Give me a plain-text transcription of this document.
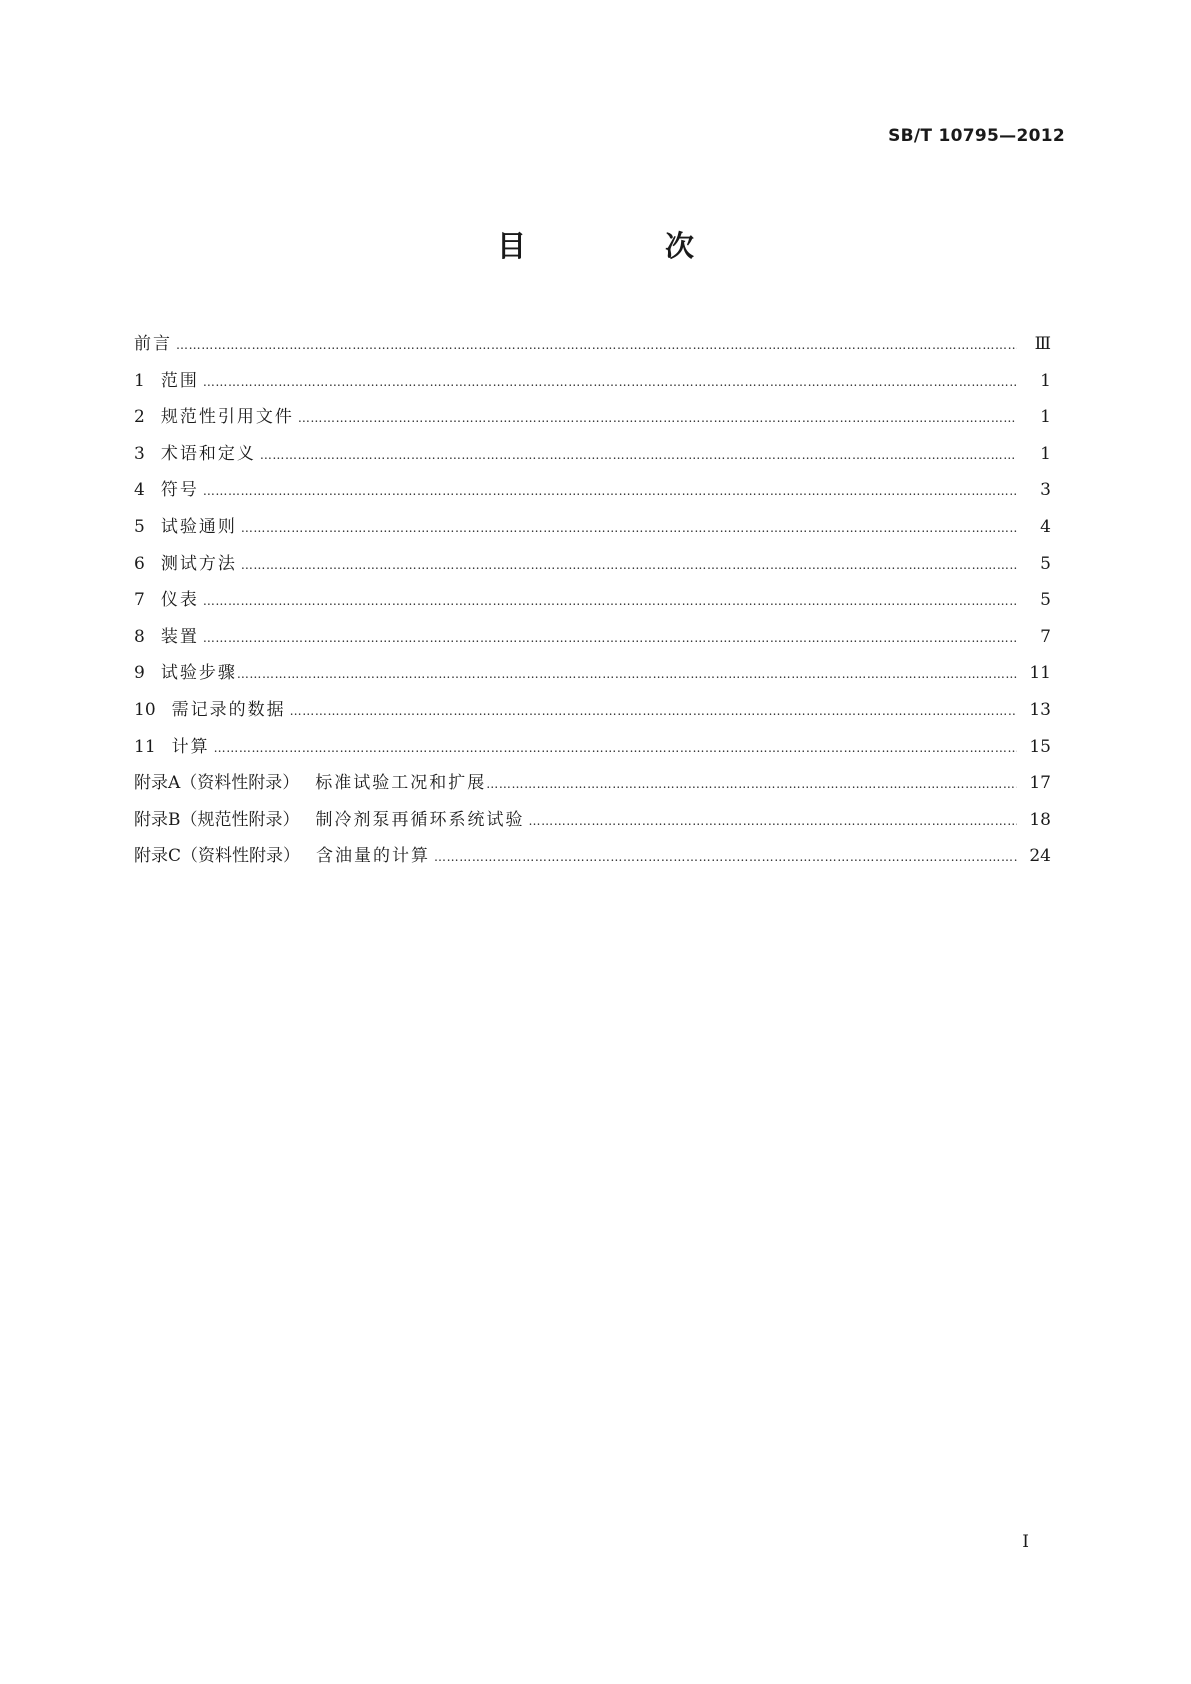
SB/T 10795—2012
目　次
前言 ……………………………………………………………………………………………………………………………………………………………………………………………………………………………………	Ⅲ
1 范围 ……………………………………………………………………………………………………………………………………………………………………………………………………………………………………	1
2 规范性引用文件 ……………………………………………………………………………………………………………………………………………………………………………………………………………………………………	1
3 术语和定义 ……………………………………………………………………………………………………………………………………………………………………………………………………………………………………	1
4 符号 ……………………………………………………………………………………………………………………………………………………………………………………………………………………………………	3
5 试验通则 ……………………………………………………………………………………………………………………………………………………………………………………………………………………………………	4
6 测试方法 ……………………………………………………………………………………………………………………………………………………………………………………………………………………………………	5
7 仪表 ……………………………………………………………………………………………………………………………………………………………………………………………………………………………………	5
8 装置 ……………………………………………………………………………………………………………………………………………………………………………………………………………………………………	7
9 试验步骤 ……………………………………………………………………………………………………………………………………………………………………………………………………………………………………	11
10 需记录的数据 ……………………………………………………………………………………………………………………………………………………………………………………………………………………………………	13
11 计算 ……………………………………………………………………………………………………………………………………………………………………………………………………………………………………	15
附录A（资料性附录） 标准试验工况和扩展 ……………………………………………………………………………………………………………………………………………………………………………………………………………………………………	17
附录B（规范性附录） 制冷剂泵再循环系统试验 ……………………………………………………………………………………………………………………………………………………………………………………………………………………………………	18
附录C（资料性附录） 含油量的计算 ……………………………………………………………………………………………………………………………………………………………………………………………………………………………………	24
I
